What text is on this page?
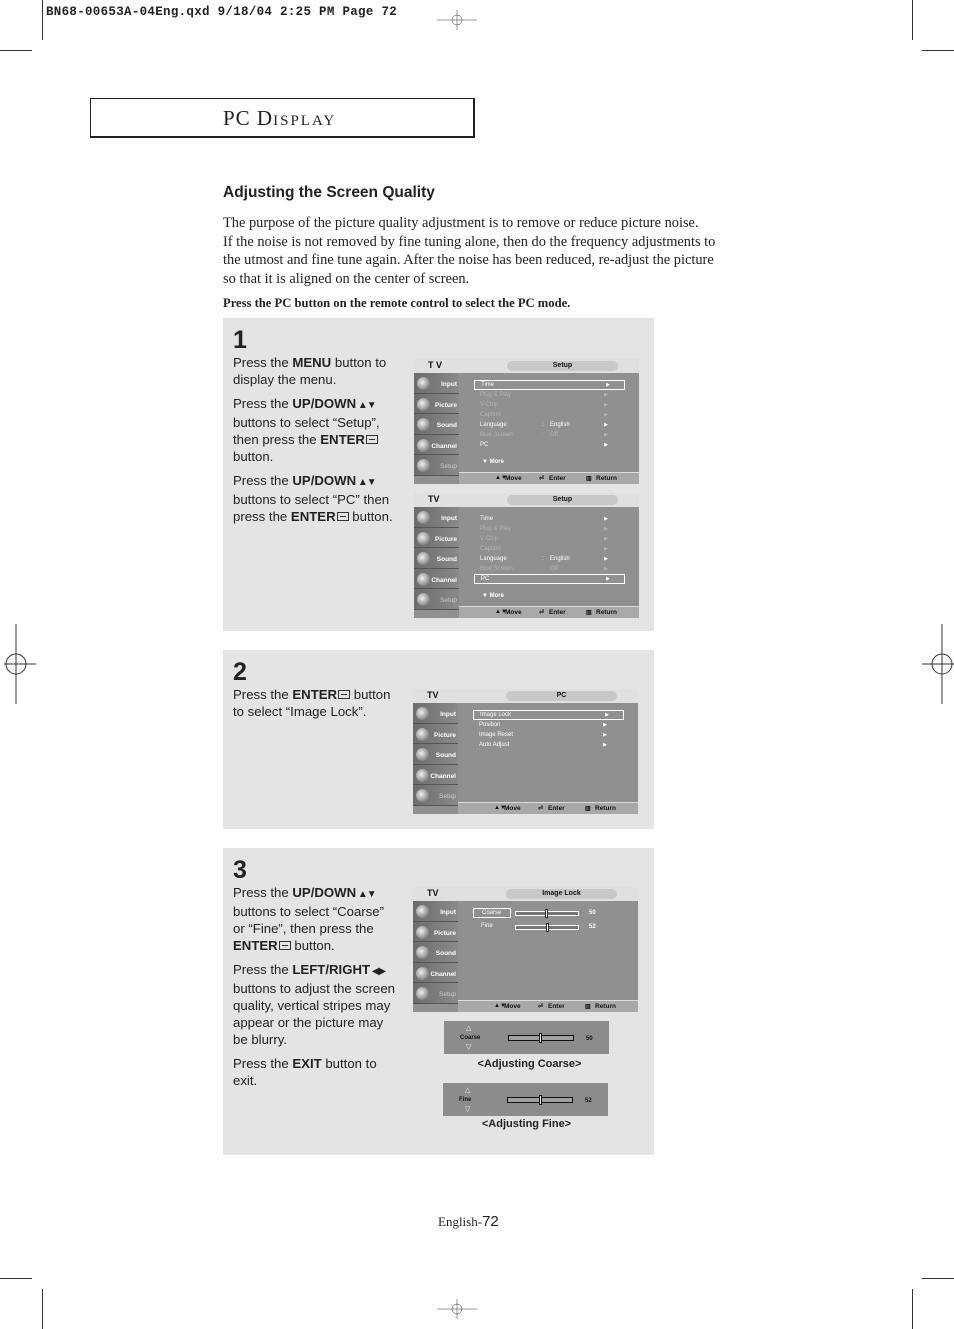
BN68-00653A-04Eng.qxd 9/18/04 2:25 PM Page 72
PC DISPLAY
Adjusting the Screen Quality
The purpose of the picture quality adjustment is to remove or reduce picture noise.
If the noise is not removed by fine tuning alone, then do the frequency adjustments to
the utmost and fine tune again. After the noise has been reduced, re-adjust the picture
so that it is aligned on the center of screen.
Press the PC button on the remote control to select the PC mode.
1

Press the MENU button to display the menu.

Press the UP/DOWN ▲▼ buttons to select “Setup”, then press the ENTER button.

Press the UP/DOWN ▲▼ buttons to select “PC” then press the ENTER button.

T V	Setup
Input
Picture
Sound
Channel
Setup
Time	▶
Plug & Play	▶
V-Chip	▶
Caption	▶
Language	: English	▶
Blue Screen	: Off	▶
PC	▶
▼ More
▲▼
Move	⏎ Enter	▥ Return
TV	Setup
Input
Picture
Sound
Channel
Setup
Time	▶
Plug & Play	▶
V-Chip	▶
Caption	▶
Language	: English	▶
Blue Screen	: Off	▶
PC	▶
▼ More
▲▼
Move	⏎ Enter	▥ Return
2

Press the ENTER button to select “Image Lock”.

TV	PC
Input
Picture
Sound
Channel
Setup
Image Lock	▶
Position	▶
Image Reset	▶
Auto Adjust	▶
▲▼
Move	⏎ Enter	▥ Return
3

Press the UP/DOWN ▲▼ buttons to select “Coarse” or “Fine”, then press the ENTER button.

Press the LEFT/RIGHT ◀▶ buttons to adjust the screen quality, vertical stripes may appear or the picture may be blurry.

Press the EXIT button to exit.

TV	Image Lock
Input
Picture
Sound
Channel
Setup
Coarse	50
Fine	52
▲▼
Move	⏎ Enter	▥ Return
△
Coarse
▽
50
<Adjusting Coarse>
△
Fine
▽
52
<Adjusting Fine>
English-72
